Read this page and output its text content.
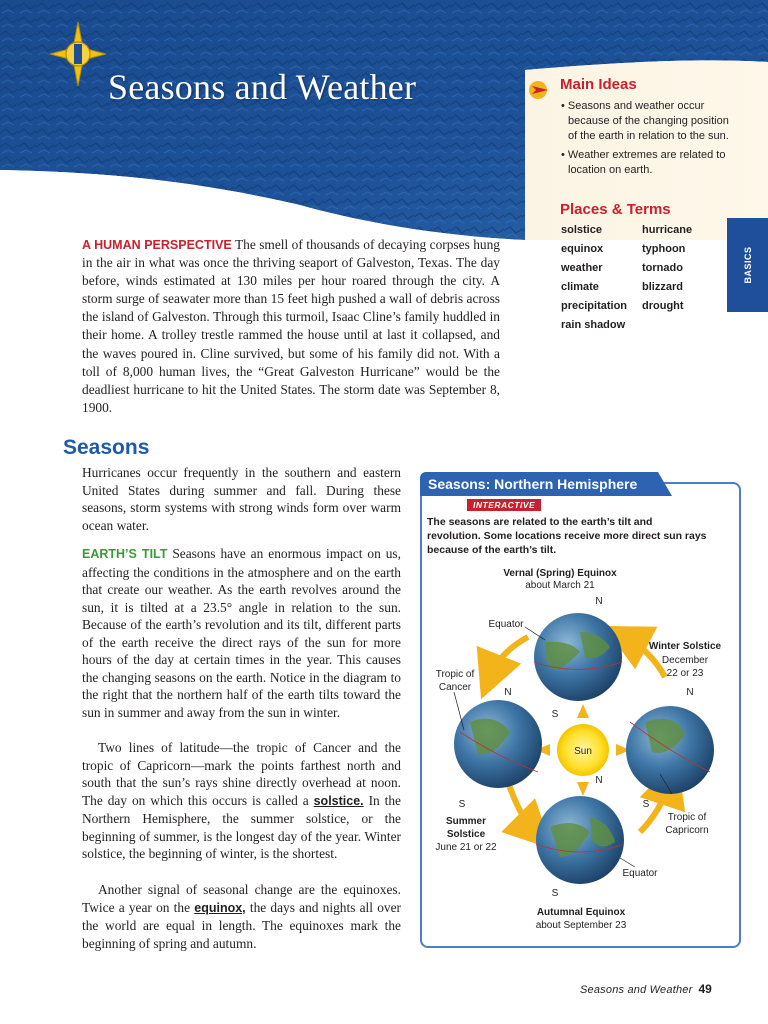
I
Seasons and Weather	Main Ideas
• Seasons and weather occur because of the changing position of the earth in relation to the sun.
• Weather extremes are related to location on earth.
Places & Terms
solstice	hurricane
equinox	typhoon
weather	tornado
climate	blizzard
precipitation	drought
rain shadow
BASICS

A HUMAN PERSPECTIVE The smell of thousands of decaying corpses hung in the air in what was once the thriving seaport of Galveston, Texas. The day before, winds estimated at 130 miles per hour roared through the city. A storm surge of seawater more than 15 feet high pushed a wall of debris across the island of Galveston. Through this turmoil, Isaac Cline’s family huddled in their home. A trolley trestle rammed the house until at last it collapsed, and the waves poured in. Cline survived, but some of his family did not. With a toll of 8,000 human lives, the “Great Galveston Hurricane” would be the deadliest hurricane to hit the United States. The storm date was September 8, 1900.

Seasons

Hurricanes occur frequently in the southern and eastern United States during summer and fall. During these seasons, storm systems with strong winds form over warm ocean water.

EARTH’S TILT Seasons have an enormous impact on us, affecting the conditions in the atmosphere and on the earth that create our weather. As the earth revolves around the sun, it is tilted at a 23.5° angle in relation to the sun. Because of the earth’s revolution and its tilt, different parts of the earth receive the direct rays of the sun for more hours of the day at certain times in the year. This causes the changing seasons on the earth. Notice in the diagram to the right that the northern half of the earth tilts toward the sun in summer and away from the sun in winter.

Two lines of latitude—the tropic of Cancer and the tropic of Capricorn—mark the points farthest north and south that the sun’s rays shine directly overhead at noon. The day on which this occurs is called a solstice. In the Northern Hemisphere, the summer solstice, or the beginning of summer, is the longest day of the year. Winter solstice, the beginning of winter, is the shortest.

Another signal of seasonal change are the equinoxes. Twice a year on the equinox, the days and nights all over the world are equal in length. The equinoxes mark the beginning of spring and autumn.

Seasons: Northern Hemisphere
INTERACTIVE

The seasons are related to the earth’s tilt and revolution. Some locations receive more direct sun rays because of the earth’s tilt.

Sun
Vernal (Spring) Equinox
about March 21
N
Equator
S
Winter Solstice
December
22 or 23
N
S
Tropic of
Cancer	N
S
Summer
Solstice
June 21 or 22
N
Tropic of
Capricorn
Equator
S
Autumnal Equinox
about September 23
Seasons and Weather 49
